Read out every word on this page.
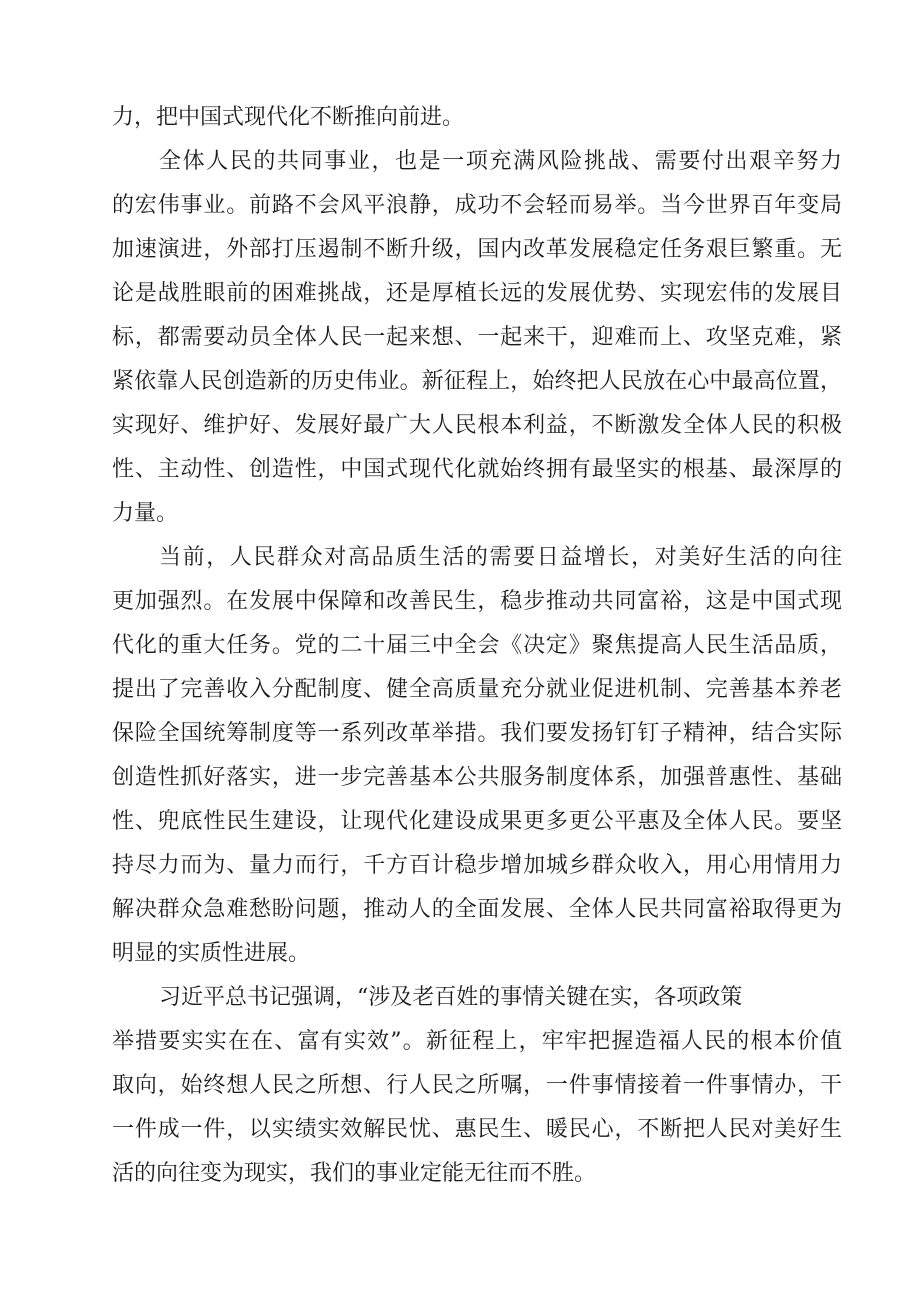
力，把中国式现代化不断推向前进。
全体人民的共同事业，也是一项充满风险挑战、需要付出艰辛努力
的宏伟事业。前路不会风平浪静，成功不会轻而易举。当今世界百年变局
加速演进，外部打压遏制不断升级，国内改革发展稳定任务艰巨繁重。无
论是战胜眼前的困难挑战，还是厚植长远的发展优势、实现宏伟的发展目
标，都需要动员全体人民一起来想、一起来干，迎难而上、攻坚克难，紧
紧依靠人民创造新的历史伟业。新征程上，始终把人民放在心中最高位置，
实现好、维护好、发展好最广大人民根本利益，不断激发全体人民的积极
性、主动性、创造性，中国式现代化就始终拥有最坚实的根基、最深厚的
力量。
当前，人民群众对高品质生活的需要日益增长，对美好生活的向往
更加强烈。在发展中保障和改善民生，稳步推动共同富裕，这是中国式现
代化的重大任务。党的二十届三中全会《决定》聚焦提高人民生活品质，
提出了完善收入分配制度、健全高质量充分就业促进机制、完善基本养老
保险全国统筹制度等一系列改革举措。我们要发扬钉钉子精神，结合实际
创造性抓好落实，进一步完善基本公共服务制度体系，加强普惠性、基础
性、兜底性民生建设，让现代化建设成果更多更公平惠及全体人民。要坚
持尽力而为、量力而行，千方百计稳步增加城乡群众收入，用心用情用力
解决群众急难愁盼问题，推动人的全面发展、全体人民共同富裕取得更为
明显的实质性进展。
习近平总书记强调，“涉及老百姓的事情关键在实，各项政策
举措要实实在在、富有实效”。新征程上，牢牢把握造福人民的根本价值
取向，始终想人民之所想、行人民之所嘱，一件事情接着一件事情办，干
一件成一件，以实绩实效解民忧、惠民生、暖民心，不断把人民对美好生
活的向往变为现实，我们的事业定能无往而不胜。
